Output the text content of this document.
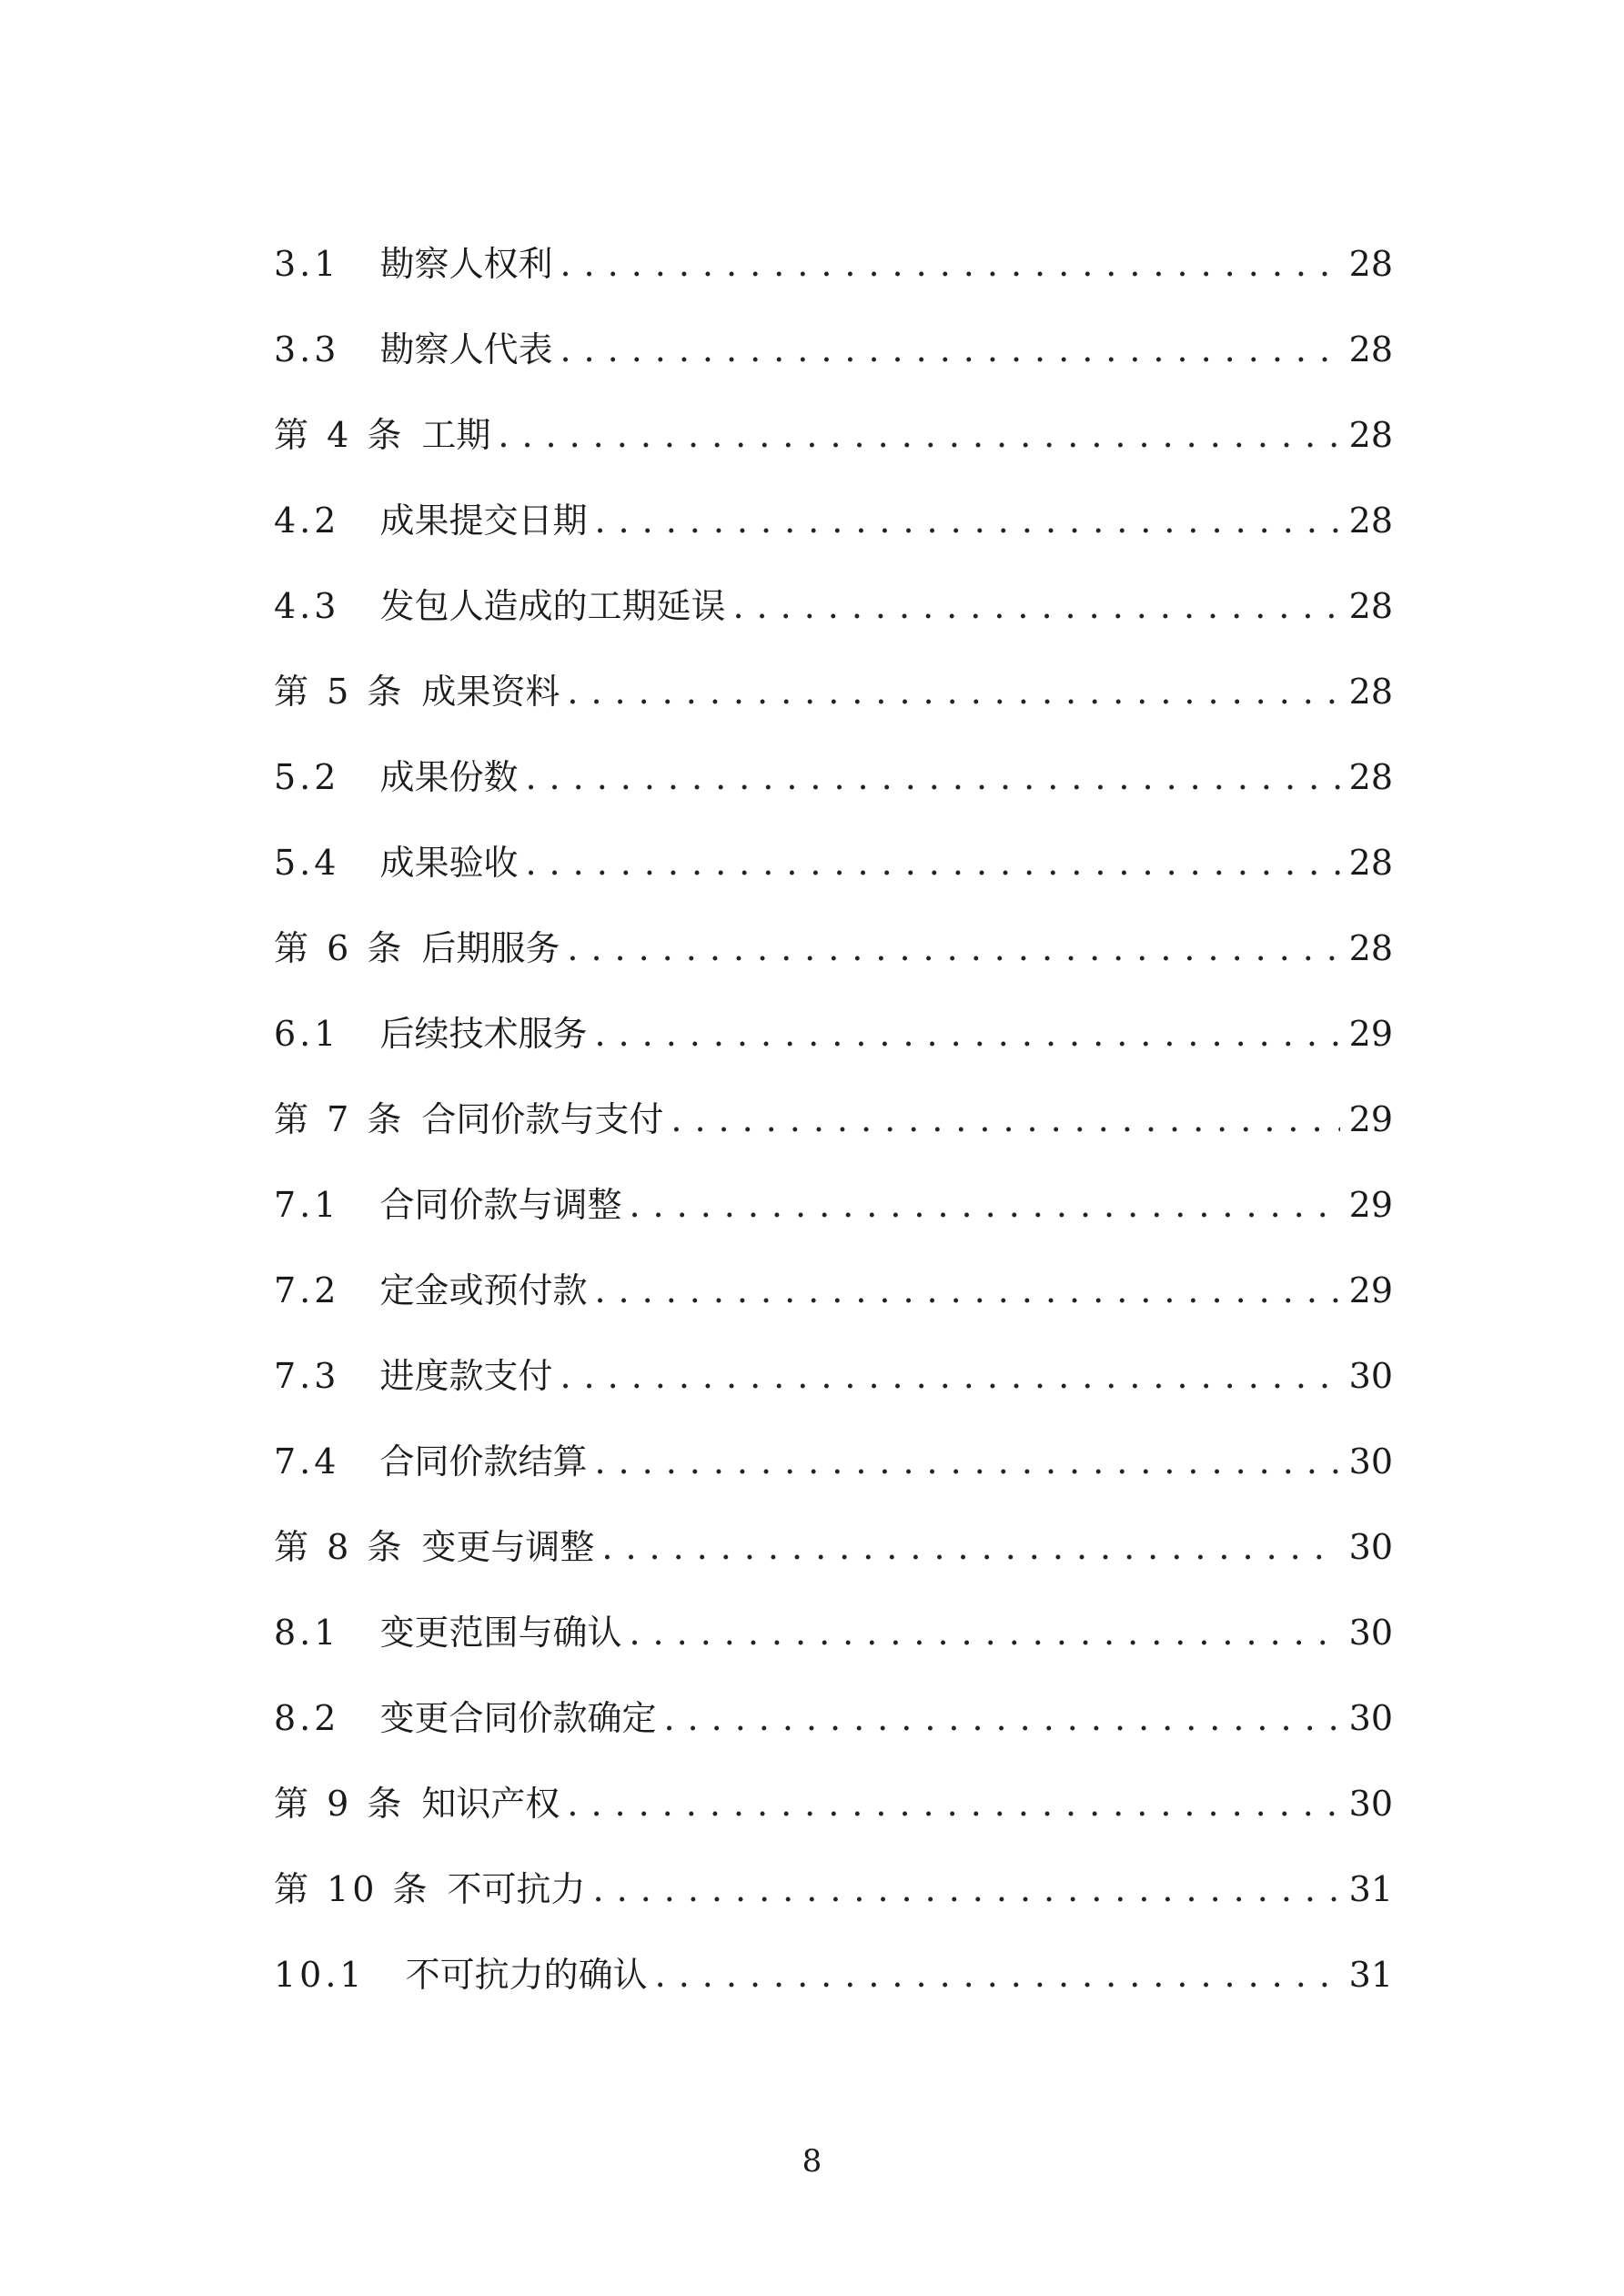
3.1 勘察人权利 .....	28
3.3 勘察人代表 .....	28
第 4 条 工期 .....	28
4.2 成果提交日期 .....	28
4.3 发包人造成的工期延误 .....	28
第 5 条 成果资料 .....	28
5.2 成果份数 .....	28
5.4 成果验收 .....	28
第 6 条 后期服务 .....	28
6.1 后续技术服务 .....	29
第 7 条 合同价款与支付 .....	29
7.1 合同价款与调整 .....	29
7.2 定金或预付款 .....	29
7.3 进度款支付 .....	30
7.4 合同价款结算 .....	30
第 8 条 变更与调整 .....	30
8.1 变更范围与确认 .....	30
8.2 变更合同价款确定 .....	30
第 9 条 知识产权 .....	30
第 10 条 不可抗力 .....	31
10.1 不可抗力的确认 .....	31
8
